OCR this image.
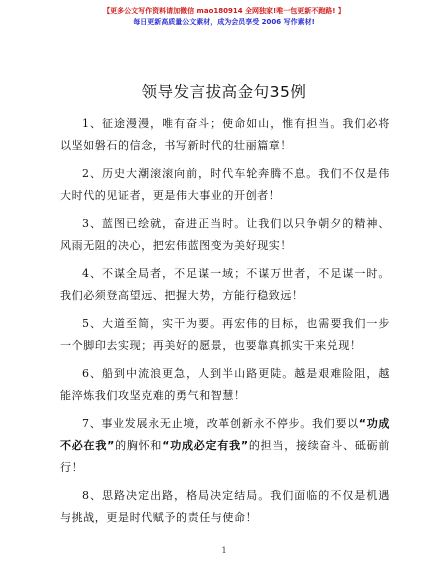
【更多公文写作资料请加微信 mao180914 全网独家!唯一包更新不跑路! 】
每日更新高质量公文素材，成为会员享受 2006 写作素材!
领导发言拔高金句35例

1、征途漫漫，唯有奋斗；使命如山，惟有担当。我们必将以坚如磐石的信念，书写新时代的壮丽篇章！

2、历史大潮滚滚向前，时代车轮奔腾不息。我们不仅是伟大时代的见证者，更是伟大事业的开创者！

3、蓝图已绘就，奋进正当时。让我们以只争朝夕的精神、风雨无阻的决心，把宏伟蓝图变为美好现实！

4、不谋全局者，不足谋一域；不谋万世者，不足谋一时。我们必须登高望远、把握大势，方能行稳致远！

5、大道至简，实干为要。再宏伟的目标，也需要我们一步一个脚印去实现；再美好的愿景，也要靠真抓实干来兑现！

6、船到中流浪更急，人到半山路更陡。越是艰难险阻，越能淬炼我们攻坚克难的勇气和智慧！

7、事业发展永无止境，改革创新永不停步。我们要以“功成不必在我”的胸怀和“功成必定有我”的担当，接续奋斗、砥砺前行！

8、思路决定出路，格局决定结局。我们面临的不仅是机遇与挑战，更是时代赋予的责任与使命！

1
